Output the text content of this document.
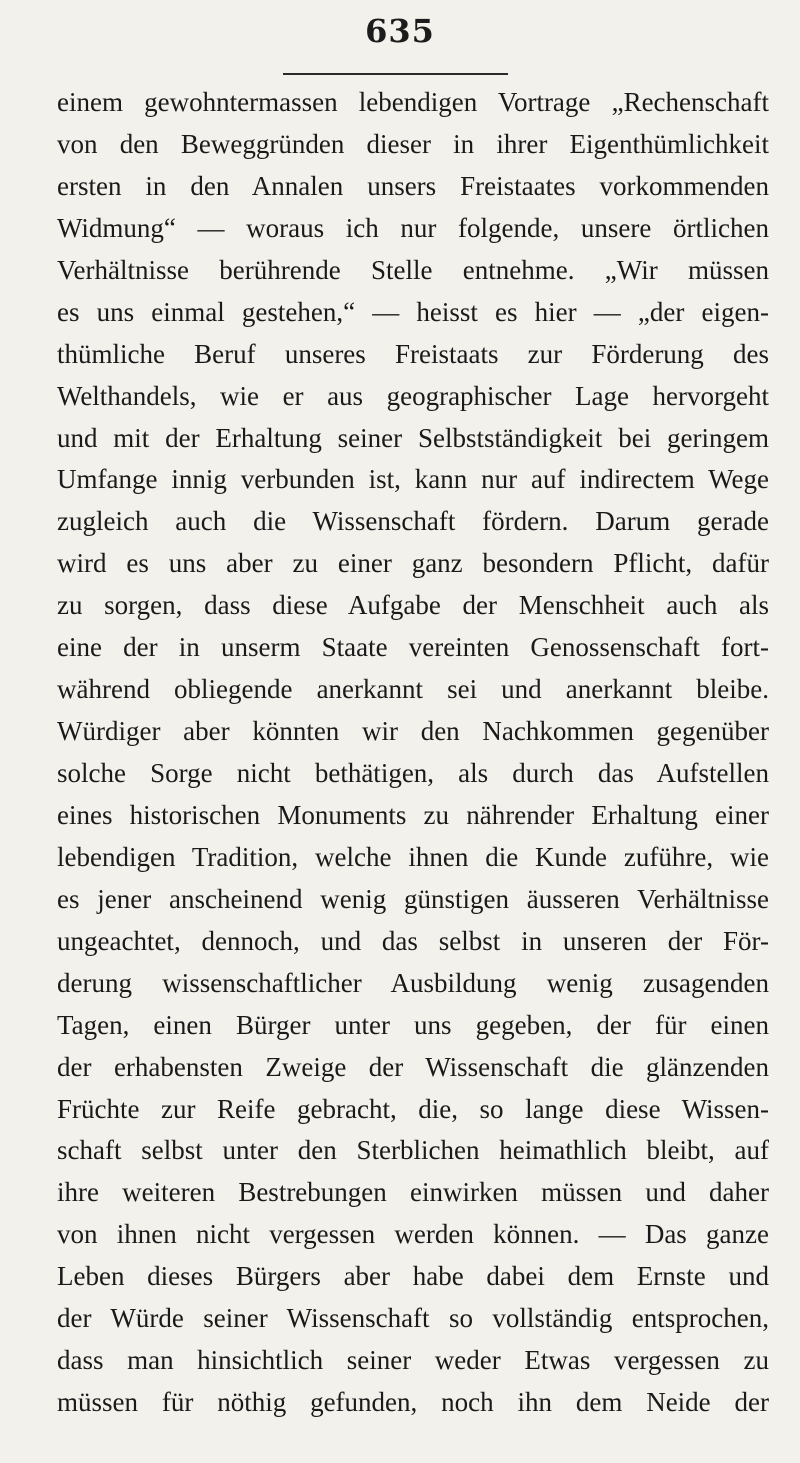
635
einem gewohntermassen lebendigen Vortrage „Rechenschaft
von den Beweggründen dieser in ihrer Eigenthümlichkeit
ersten in den Annalen unsers Freistaates vorkommenden
Widmung“ — woraus ich nur folgende, unsere örtlichen
Verhältnisse berührende Stelle entnehme. „Wir müssen
es uns einmal gestehen,“ — heisst es hier — „der eigen-
thümliche Beruf unseres Freistaats zur Förderung des
Welthandels, wie er aus geographischer Lage hervorgeht
und mit der Erhaltung seiner Selbstständigkeit bei geringem
Umfange innig verbunden ist, kann nur auf indirectem Wege
zugleich auch die Wissenschaft fördern. Darum gerade
wird es uns aber zu einer ganz besondern Pflicht, dafür
zu sorgen, dass diese Aufgabe der Menschheit auch als
eine der in unserm Staate vereinten Genossenschaft fort-
während obliegende anerkannt sei und anerkannt bleibe.
Würdiger aber könnten wir den Nachkommen gegenüber
solche Sorge nicht bethätigen, als durch das Aufstellen
eines historischen Monuments zu nährender Erhaltung einer
lebendigen Tradition, welche ihnen die Kunde zuführe, wie
es jener anscheinend wenig günstigen äusseren Verhältnisse
ungeachtet, dennoch, und das selbst in unseren der För-
derung wissenschaftlicher Ausbildung wenig zusagenden
Tagen, einen Bürger unter uns gegeben, der für einen
der erhabensten Zweige der Wissenschaft die glänzenden
Früchte zur Reife gebracht, die, so lange diese Wissen-
schaft selbst unter den Sterblichen heimathlich bleibt, auf
ihre weiteren Bestrebungen einwirken müssen und daher
von ihnen nicht vergessen werden können. — Das ganze
Leben dieses Bürgers aber habe dabei dem Ernste und
der Würde seiner Wissenschaft so vollständig entsprochen,
dass man hinsichtlich seiner weder Etwas vergessen zu
müssen für nöthig gefunden, noch ihn dem Neide der
